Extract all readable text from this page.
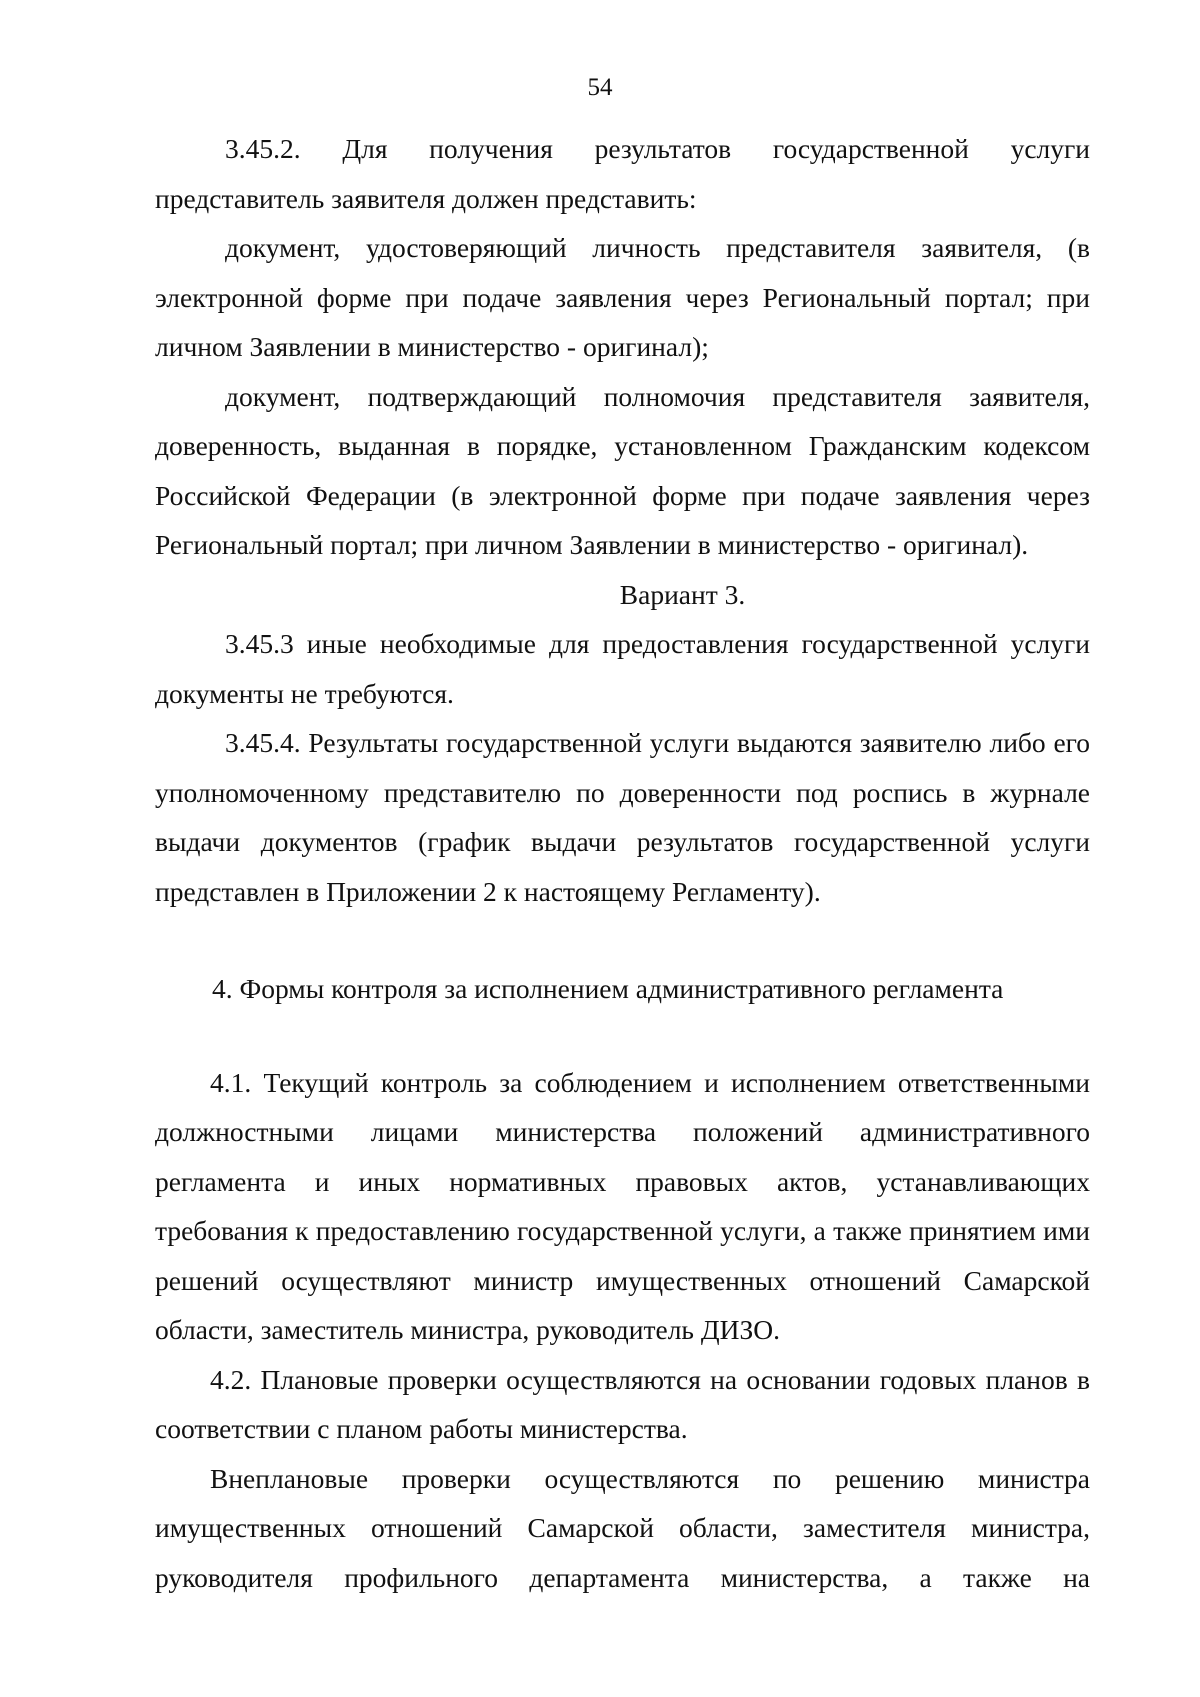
54

3.45.2. Для получения результатов государственной услуги представитель заявителя должен представить:

документ, удостоверяющий личность представителя заявителя, (в электронной форме при подаче заявления через Региональный портал; при личном Заявлении в министерство - оригинал);

документ, подтверждающий полномочия представителя заявителя, доверенность, выданная в порядке, установленном Гражданским кодексом Российской Федерации (в электронной форме при подаче заявления через Региональный портал; при личном Заявлении в министерство - оригинал).

Вариант 3.

3.45.3 иные необходимые для предоставления государственной услуги документы не требуются.

3.45.4. Результаты государственной услуги выдаются заявителю либо его уполномоченному представителю по доверенности под роспись в журнале выдачи документов (график выдачи результатов государственной услуги представлен в Приложении 2 к настоящему Регламенту).

4. Формы контроля за исполнением административного регламента

4.1. Текущий контроль за соблюдением и исполнением ответственными должностными лицами министерства положений административного регламента и иных нормативных правовых актов, устанавливающих требования к предоставлению государственной услуги, а также принятием ими решений осуществляют министр имущественных отношений Самарской области, заместитель министра, руководитель ДИЗО.

4.2. Плановые проверки осуществляются на основании годовых планов в соответствии с планом работы министерства.

Внеплановые проверки осуществляются по решению министра имущественных отношений Самарской области, заместителя министра, руководителя профильного департамента министерства, а также на
